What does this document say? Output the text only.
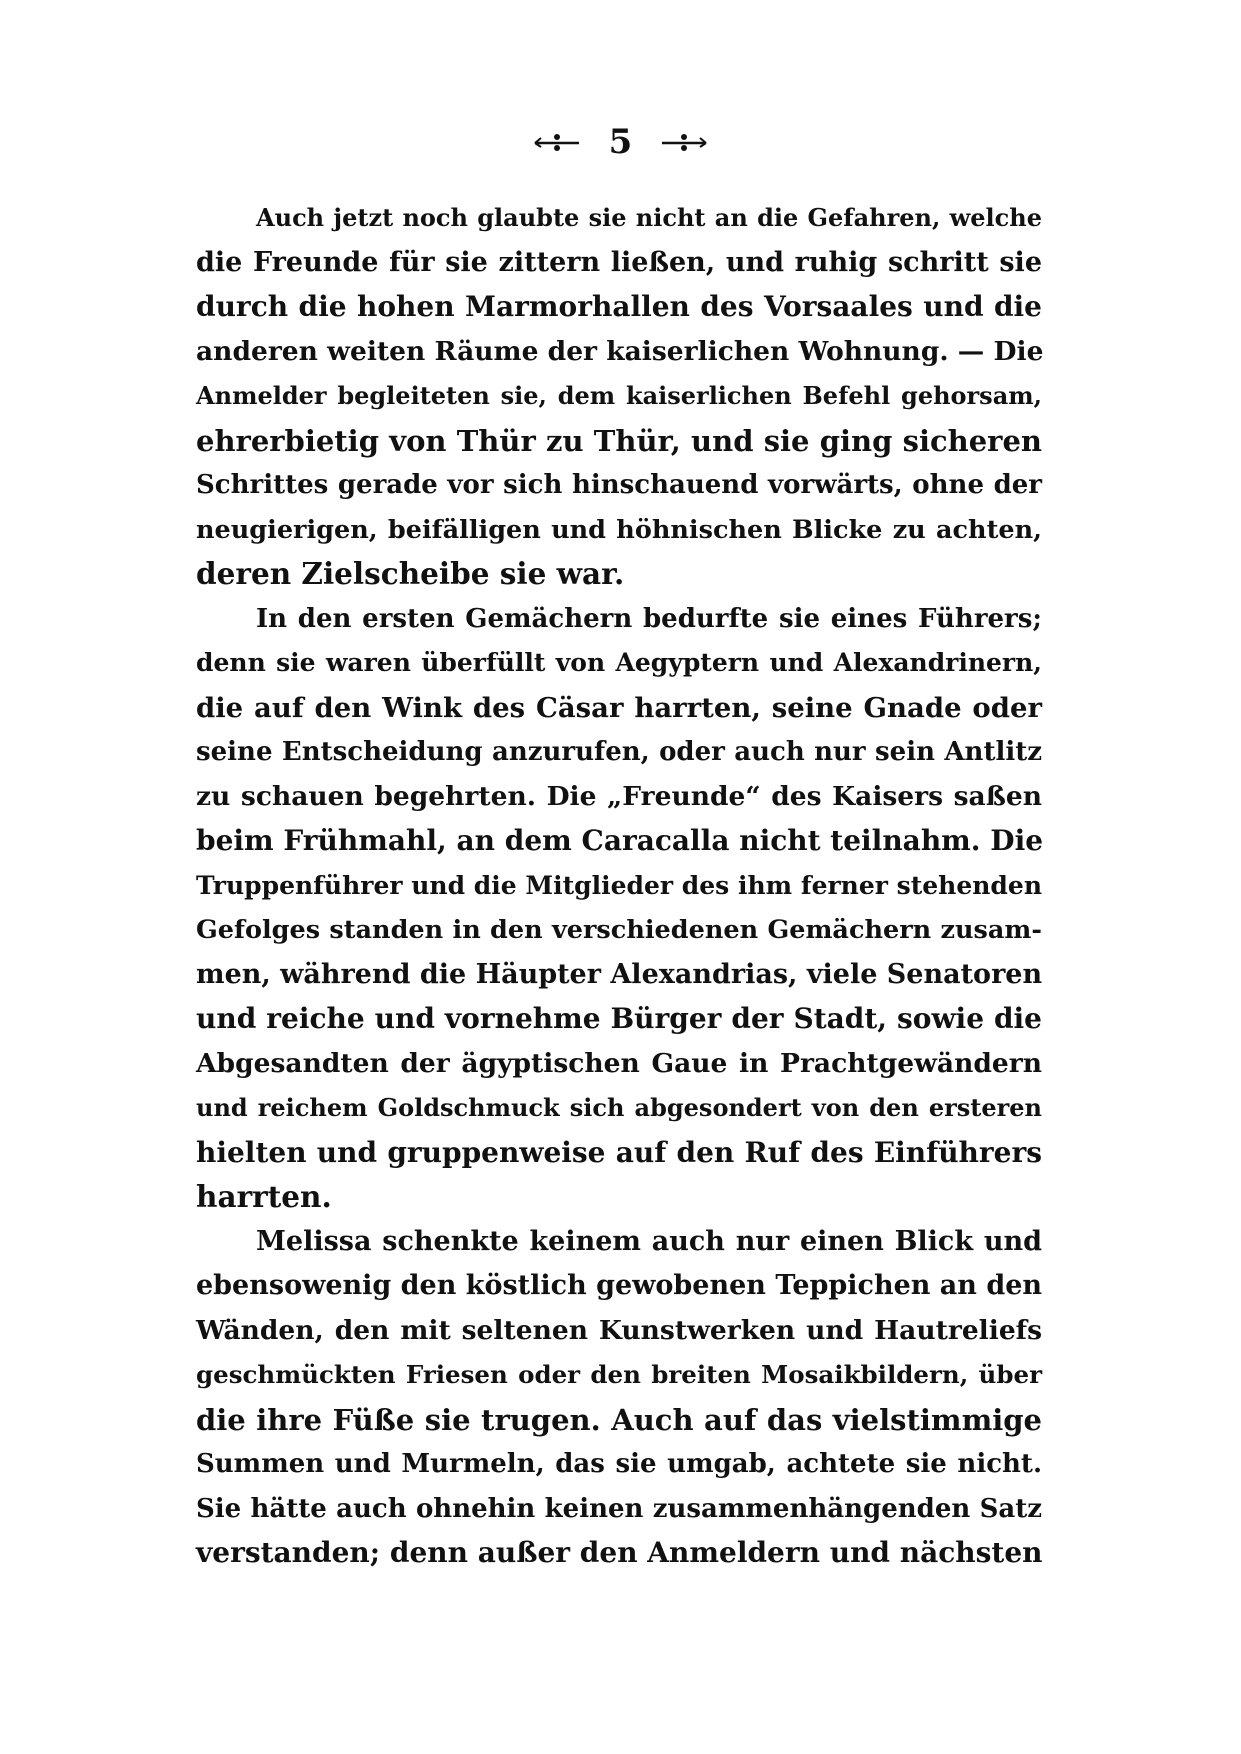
5
Auch jetzt noch glaubte sie nicht an die Gefahren, welche
die Freunde für sie zittern ließen, und ruhig schritt sie
durch die hohen Marmorhallen des Vorsaales und die
anderen weiten Räume der kaiserlichen Wohnung. — Die
Anmelder begleiteten sie, dem kaiserlichen Befehl gehorsam,
ehrerbietig von Thür zu Thür, und sie ging sicheren
Schrittes gerade vor sich hinschauend vorwärts, ohne der
neugierigen, beifälligen und höhnischen Blicke zu achten,
deren Zielscheibe sie war.
In den ersten Gemächern bedurfte sie eines Führers;
denn sie waren überfüllt von Aegyptern und Alexandrinern,
die auf den Wink des Cäsar harrten, seine Gnade oder
seine Entscheidung anzurufen, oder auch nur sein Antlitz
zu schauen begehrten. Die „Freunde“ des Kaisers saßen
beim Frühmahl, an dem Caracalla nicht teilnahm. Die
Truppenführer und die Mitglieder des ihm ferner stehenden
Gefolges standen in den verschiedenen Gemächern zusam-
men, während die Häupter Alexandrias, viele Senatoren
und reiche und vornehme Bürger der Stadt, sowie die
Abgesandten der ägyptischen Gaue in Prachtgewändern
und reichem Goldschmuck sich abgesondert von den ersteren
hielten und gruppenweise auf den Ruf des Einführers
harrten.
Melissa schenkte keinem auch nur einen Blick und
ebensowenig den köstlich gewobenen Teppichen an den
Wänden, den mit seltenen Kunstwerken und Hautreliefs
geschmückten Friesen oder den breiten Mosaikbildern, über
die ihre Füße sie trugen. Auch auf das vielstimmige
Summen und Murmeln, das sie umgab, achtete sie nicht.
Sie hätte auch ohnehin keinen zusammenhängenden Satz
verstanden; denn außer den Anmeldern und nächsten
